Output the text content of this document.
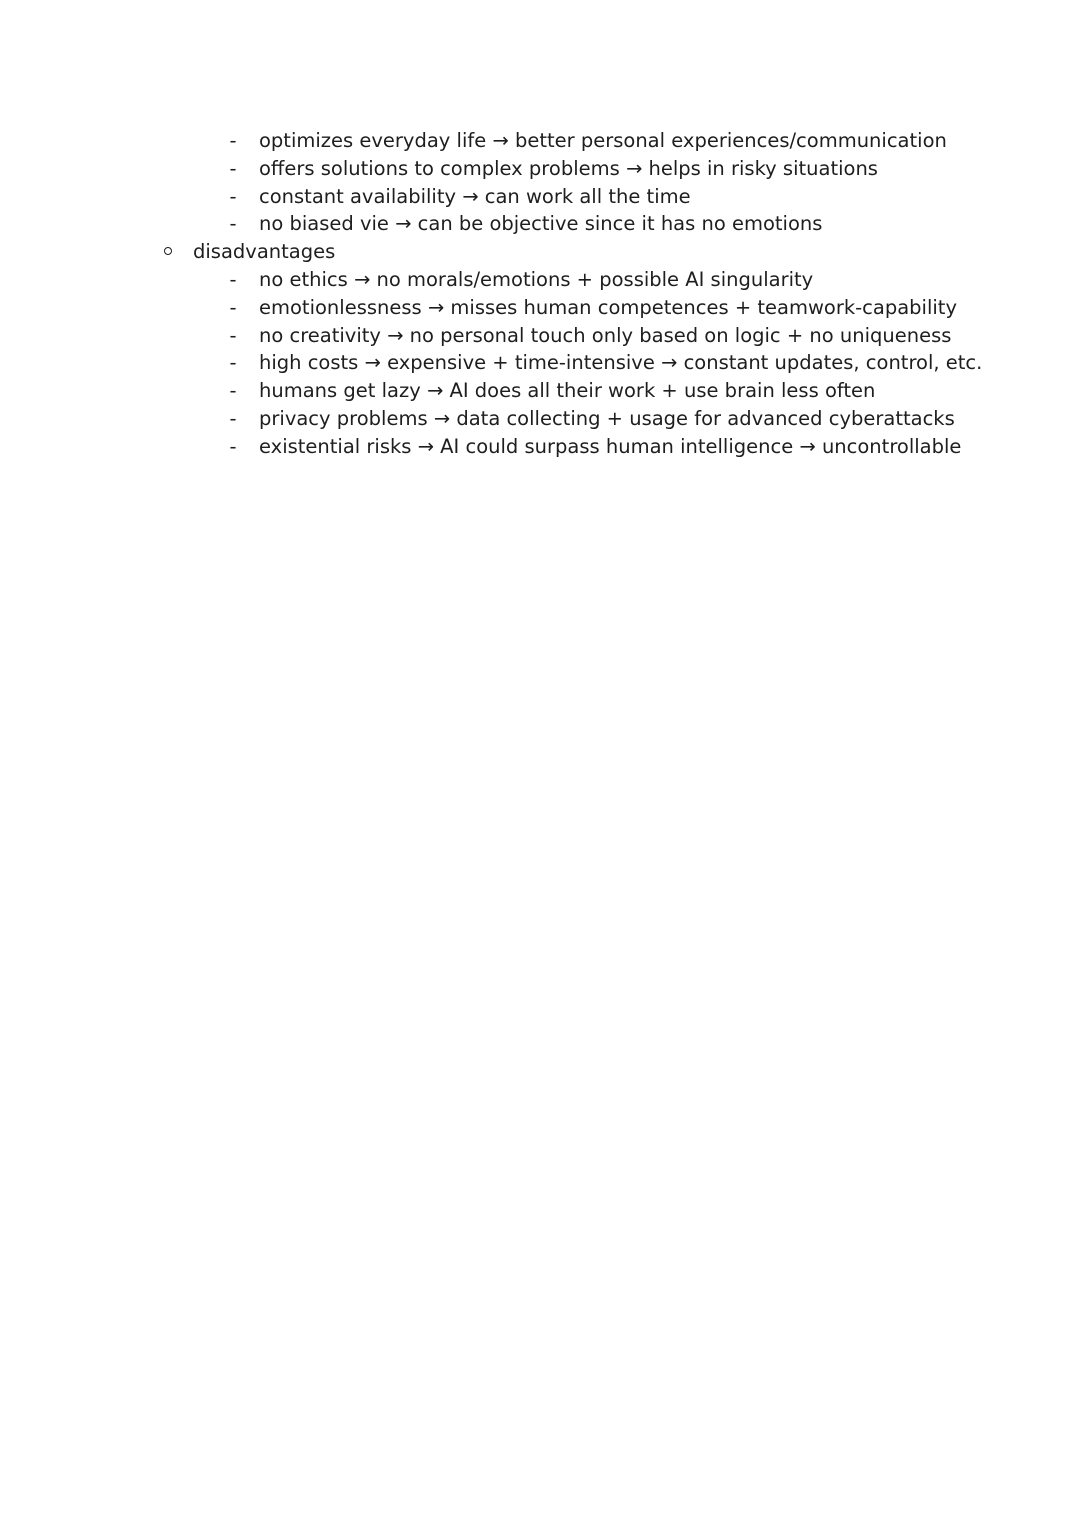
- optimizes everyday life → better personal experiences/communication
- offers solutions to complex problems → helps in risky situations
- constant availability → can work all the time
- no biased vie → can be objective since it has no emotions
disadvantages
- no ethics → no morals/emotions + possible AI singularity
- emotionlessness → misses human competences + teamwork-capability
- no creativity → no personal touch only based on logic + no uniqueness
- high costs → expensive + time-intensive → constant updates, control, etc.
- humans get lazy → AI does all their work + use brain less often
- privacy problems → data collecting + usage for advanced cyberattacks
- existential risks → AI could surpass human intelligence → uncontrollable
